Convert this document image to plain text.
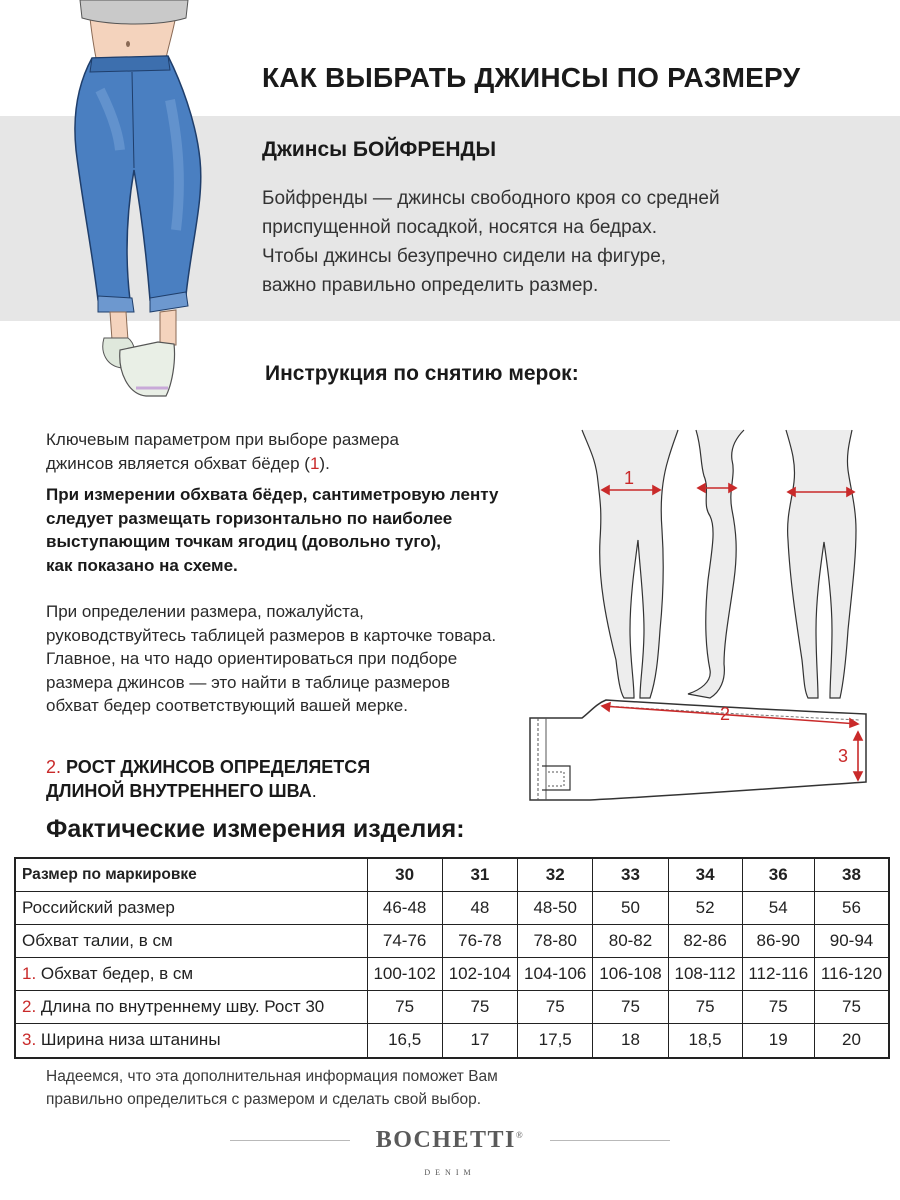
КАК ВЫБРАТЬ ДЖИНСЫ ПО РАЗМЕРУ
Джинсы БОЙФРЕНДЫ
Бойфренды — джинсы свободного кроя со средней
приспущенной посадкой, носятся на бедрах.
Чтобы джинсы безупречно сидели на фигуре,
важно правильно определить размер.
Инструкция по снятию мерок:
Ключевым параметром при выборе размера
джинсов является обхват бёдер (1).
При измерении обхвата бёдер, сантиметровую ленту
следует размещать горизонтально по наиболее
выступающим точкам ягодиц (довольно туго),
как показано на схеме.
При определении размера, пожалуйста,
руководствуйтесь таблицей размеров в карточке товара.
Главное, на что надо ориентироваться при подборе
размера джинсов — это найти в таблице размеров
обхват бедер соответствующий вашей мерке.
2. РОСТ ДЖИНСОВ ОПРЕДЕЛЯЕТСЯ
ДЛИНОЙ ВНУТРЕННЕГО ШВА.
1
2
3
Фактические измерения изделия:
Размер по маркировке	30	31	32	33	34	36	38
Российский размер	46-48	48	48-50	50	52	54	56
Обхват талии, в см	74-76	76-78	78-80	80-82	82-86	86-90	90-94
1. Обхват бедер, в см	100-102	102-104	104-106	106-108	108-112	112-116	116-120
2. Длина по внутреннему шву. Рост 30	75	75	75	75	75	75	75
3. Ширина низа штанины	16,5	17	17,5	18	18,5	19	20
Надеемся, что эта дополнительная информация поможет Вам
правильно определиться с размером и сделать свой выбор.
BOCHETTI®
DENIM
